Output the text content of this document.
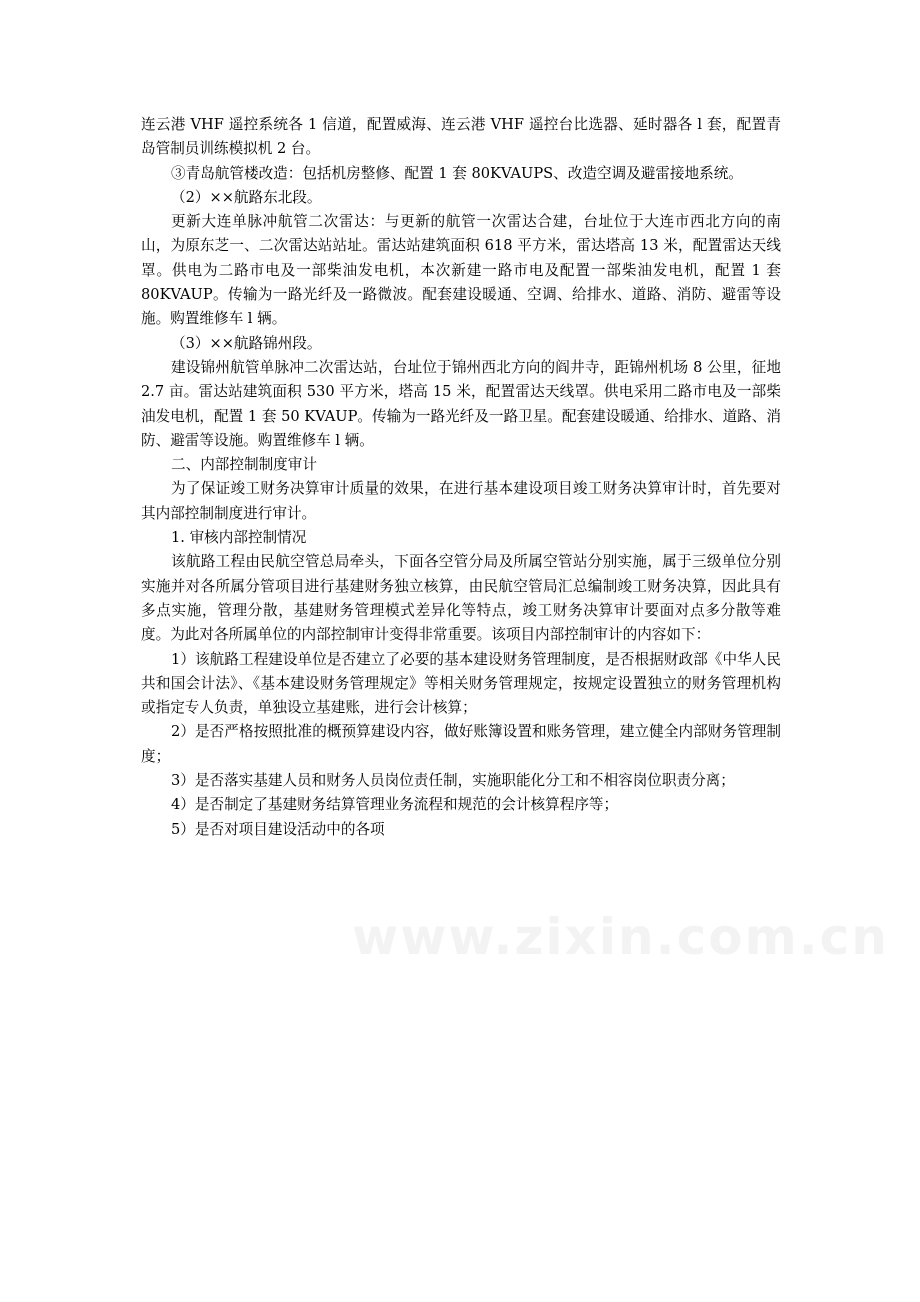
www.zixin.com.cn

连云港 VHF 遥控系统各 1 信道，配置威海、连云港 VHF 遥控台比选器、延时器各 l 套，配置青岛管制员训练模拟机 2 台。

③青岛航管楼改造：包括机房整修、配置 1 套 80KVAUPS、改造空调及避雷接地系统。

（2）××航路东北段。

更新大连单脉冲航管二次雷达：与更新的航管一次雷达合建，台址位于大连市西北方向的南山，为原东芝一、二次雷达站站址。雷达站建筑面积 618 平方米，雷达塔高 13 米，配置雷达天线罩。供电为二路市电及一部柴油发电机，本次新建一路市电及配置一部柴油发电机，配置 1 套 80KVAUP。传输为一路光纤及一路微波。配套建设暖通、空调、给排水、道路、消防、避雷等设施。购置维修车 l 辆。

（3）××航路锦州段。

建设锦州航管单脉冲二次雷达站，台址位于锦州西北方向的阎井寺，距锦州机场 8 公里，征地 2.7 亩。雷达站建筑面积 530 平方米，塔高 15 米，配置雷达天线罩。供电采用二路市电及一部柴油发电机，配置 1 套 50 KVAUP。传输为一路光纤及一路卫星。配套建设暖通、给排水、道路、消防、避雷等设施。购置维修车 l 辆。

二、内部控制制度审计

为了保证竣工财务决算审计质量的效果，在进行基本建设项目竣工财务决算审计时，首先要对其内部控制制度进行审计。

1. 审核内部控制情况

该航路工程由民航空管总局牵头，下面各空管分局及所属空管站分别实施，属于三级单位分别实施并对各所属分管项目进行基建财务独立核算，由民航空管局汇总编制竣工财务决算，因此具有多点实施，管理分散，基建财务管理模式差异化等特点，竣工财务决算审计要面对点多分散等难度。为此对各所属单位的内部控制审计变得非常重要。该项目内部控制审计的内容如下：

1）该航路工程建设单位是否建立了必要的基本建设财务管理制度，是否根据财政部《中华人民共和国会计法》、《基本建设财务管理规定》等相关财务管理规定，按规定设置独立的财务管理机构或指定专人负责，单独设立基建账，进行会计核算；

2）是否严格按照批准的概预算建设内容，做好账簿设置和账务管理，建立健全内部财务管理制度；

3）是否落实基建人员和财务人员岗位责任制，实施职能化分工和不相容岗位职责分离；

4）是否制定了基建财务结算管理业务流程和规范的会计核算程序等；

5）是否对项目建设活动中的各项
